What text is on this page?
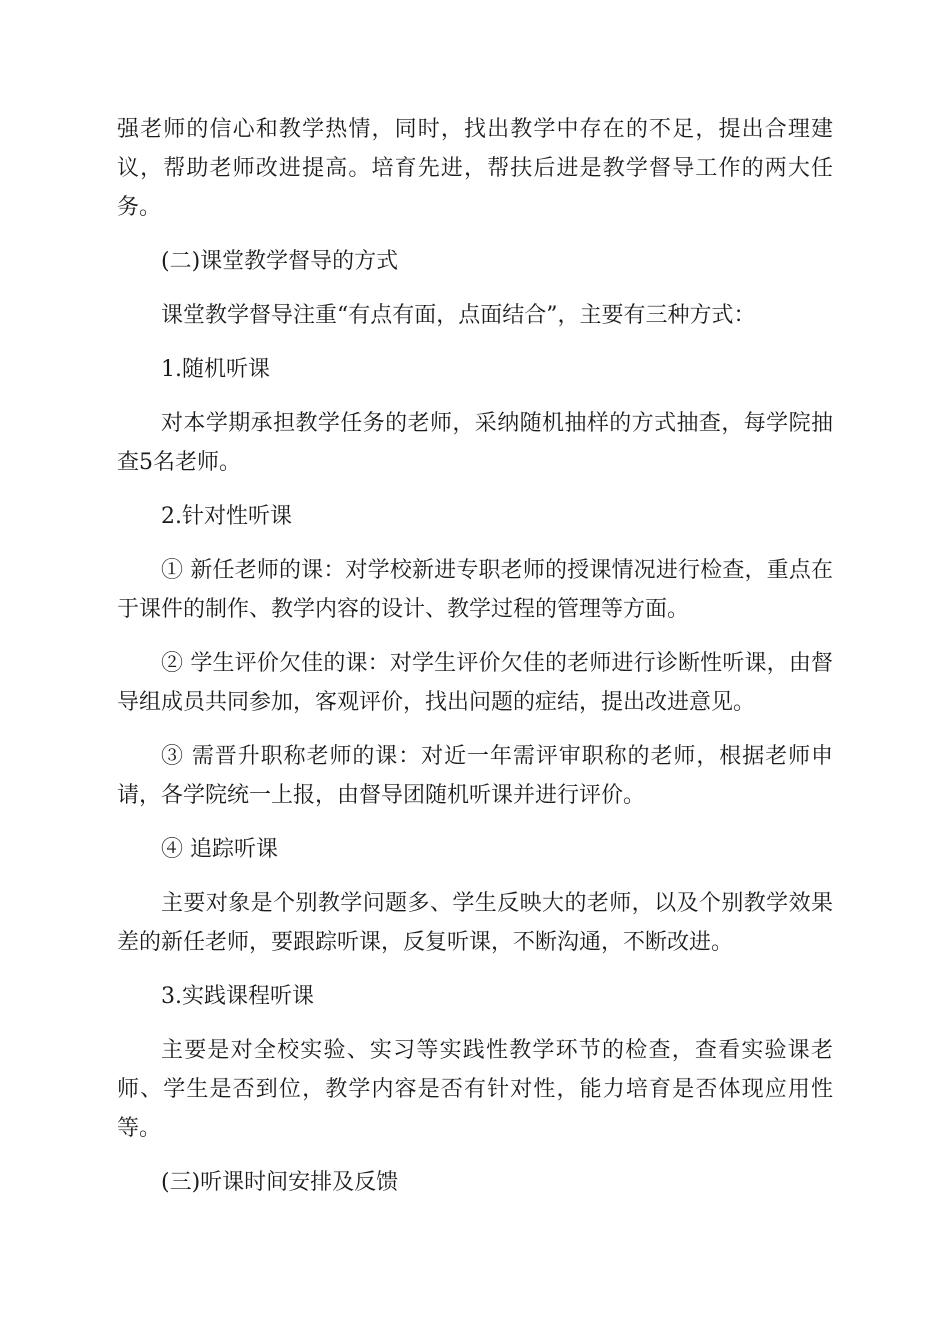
强老师的信心和教学热情，同时，找出教学中存在的不足，提出合理建议，帮助老师改进提高。培育先进，帮扶后进是教学督导工作的两大任务。

(二)课堂教学督导的方式

课堂教学督导注重“有点有面，点面结合”，主要有三种方式：

1.随机听课

对本学期承担教学任务的老师，采纳随机抽样的方式抽查，每学院抽查5名老师。

2.针对性听课

① 新任老师的课：对学校新进专职老师的授课情况进行检查，重点在于课件的制作、教学内容的设计、教学过程的管理等方面。

② 学生评价欠佳的课：对学生评价欠佳的老师进行诊断性听课，由督导组成员共同参加，客观评价，找出问题的症结，提出改进意见。

③ 需晋升职称老师的课：对近一年需评审职称的老师，根据老师申请，各学院统一上报，由督导团随机听课并进行评价。

④ 追踪听课

主要对象是个别教学问题多、学生反映大的老师，以及个别教学效果差的新任老师，要跟踪听课，反复听课，不断沟通，不断改进。

3.实践课程听课

主要是对全校实验、实习等实践性教学环节的检查，查看实验课老师、学生是否到位，教学内容是否有针对性，能力培育是否体现应用性等。

(三)听课时间安排及反馈
